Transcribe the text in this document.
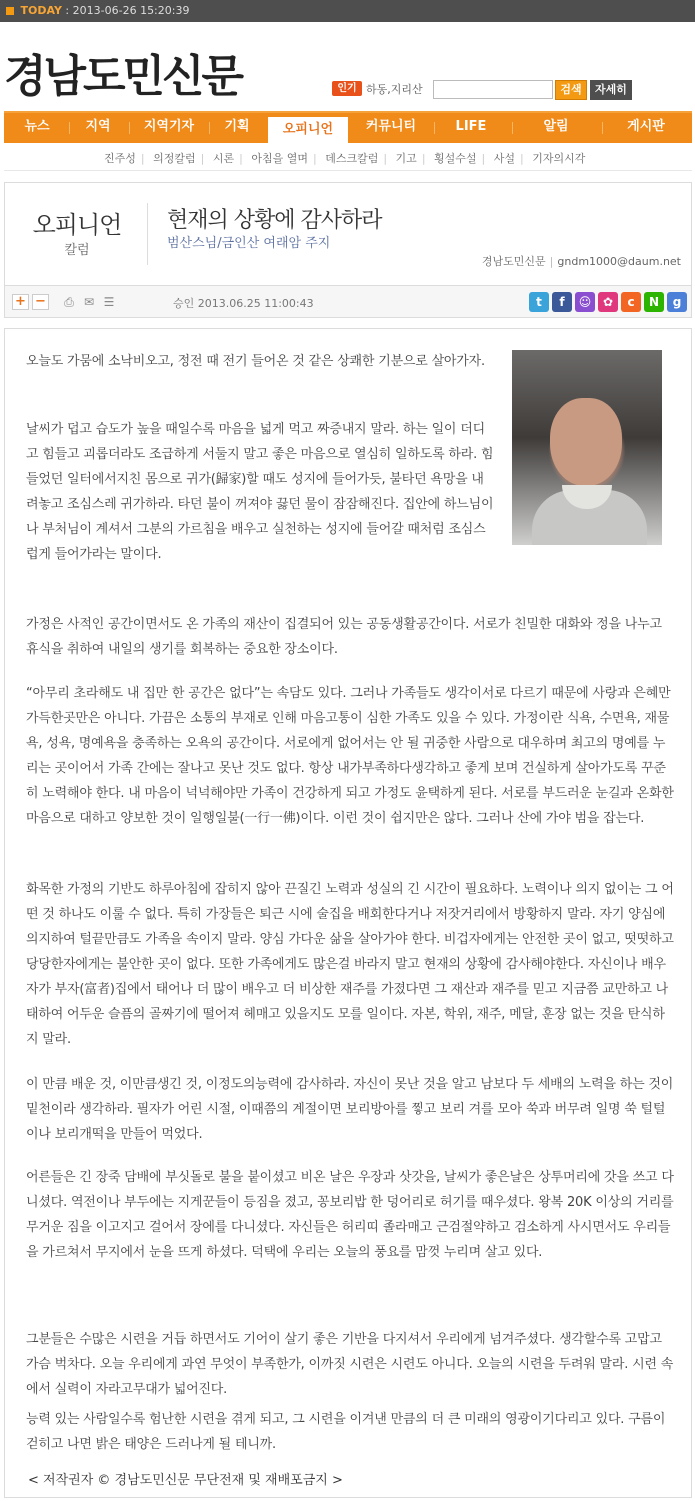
TODAY : 2013-06-26 15:20:39
경남도민신문	인기 하동,지리산	검색	자세히
뉴스	지역	지역기자	기획	오피니언	커뮤니티	LIFE	알림	게시판
진주성 | 의정칼럼 | 시론 | 아침을 열며 | 데스크칼럼 | 기고 | 횡설수설 | 사설 | 기자의시각
오피니언
칼럼
현재의 상황에 감사하라
범산스님/금인산 여래암 주지
경남도민신문 | gndm1000@daum.net
+ − ⎙ ✉ ☰	승인 2013.06.25 11:00:43	t	f	☺ ✿	c	N	g
오늘도 가뭄에 소낙비오고, 정전 때 전기 들어온 것 같은 상쾌한 기분으로 살아가자.
날씨가 덥고 습도가 높을 때일수록 마음을 넓게 먹고 짜증내지 말라. 하는 일이 더디고 힘들고 괴롭더라도 조급하게 서둘지 말고 좋은 마음으로 열심히 일하도록 하라. 힘들었던 일터에서지친 몸으로 귀가(歸家)할 때도 성지에 들어가듯, 불타던 욕망을 내려놓고 조심스레 귀가하라. 타던 불이 꺼져야 끓던 물이 잠잠해진다. 집안에 하느님이나 부처님이 계셔서 그분의 가르침을 배우고 실천하는 성지에 들어갈 때처럼 조심스럽게 들어가라는 말이다.
가정은 사적인 공간이면서도 온 가족의 재산이 집결되어 있는 공동생활공간이다. 서로가 친밀한 대화와 정을 나누고 휴식을 취하여 내일의 생기를 회복하는 중요한 장소이다.
“아무리 초라해도 내 집만 한 공간은 없다”는 속담도 있다. 그러나 가족들도 생각이서로 다르기 때문에 사랑과 은혜만 가득한곳만은 아니다. 가끔은 소통의 부재로 인해 마음고통이 심한 가족도 있을 수 있다. 가정이란 식욕, 수면욕, 재물 욕, 성욕, 명예욕을 충족하는 오욕의 공간이다. 서로에게 없어서는 안 될 귀중한 사람으로 대우하며 최고의 명예를 누리는 곳이어서 가족 간에는 잘나고 못난 것도 없다. 항상 내가부족하다생각하고 좋게 보며 건실하게 살아가도록 꾸준히 노력해야 한다. 내 마음이 넉넉해야만 가족이 건강하게 되고 가정도 윤택하게 된다. 서로를 부드러운 눈길과 온화한 마음으로 대하고 양보한 것이 일행일불(一行一佛)이다. 이런 것이 쉽지만은 않다. 그러나 산에 가야 범을 잡는다.
화목한 가정의 기반도 하루아침에 잡히지 않아 끈질긴 노력과 성실의 긴 시간이 필요하다. 노력이나 의지 없이는 그 어떤 것 하나도 이룰 수 없다. 특히 가장들은 퇴근 시에 술집을 배회한다거나 저잣거리에서 방황하지 말라. 자기 양심에 의지하여 털끝만큼도 가족을 속이지 말라. 양심 가다운 삶을 살아가야 한다. 비겁자에게는 안전한 곳이 없고, 떳떳하고 당당한자에게는 불안한 곳이 없다. 또한 가족에게도 많은걸 바라지 말고 현재의 상황에 감사해야한다. 자신이나 배우자가 부자(富者)집에서 태어나 더 많이 배우고 더 비상한 재주를 가졌다면 그 재산과 재주를 믿고 지금쯤 교만하고 나태하여 어두운 슬픔의 골짜기에 떨어져 헤매고 있을지도 모를 일이다. 자본, 학위, 재주, 메달, 훈장 없는 것을 탄식하지 말라.
이 만큼 배운 것, 이만큼생긴 것, 이정도의능력에 감사하라. 자신이 못난 것을 알고 남보다 두 세배의 노력을 하는 것이 밑천이라 생각하라. 필자가 어린 시절, 이때쯤의 계절이면 보리방아를 찧고 보리 겨를 모아 쑥과 버무려 일명 쑥 털털이나 보리개떡을 만들어 먹었다.
어른들은 긴 장죽 담배에 부싯돌로 불을 붙이셨고 비온 날은 우장과 삿갓을, 날씨가 좋은날은 상투머리에 갓을 쓰고 다니셨다. 역전이나 부두에는 지게꾼들이 등짐을 졌고, 꽁보리밥 한 덩어리로 허기를 때우셨다. 왕복 20K 이상의 거리를 무거운 짐을 이고지고 걸어서 장에를 다니셨다. 자신들은 허리띠 졸라매고 근검절약하고 검소하게 사시면서도 우리들을 가르쳐서 무지에서 눈을 뜨게 하셨다. 덕택에 우리는 오늘의 풍요를 맘껏 누리며 살고 있다.
그분들은 수많은 시련을 거듭 하면서도 기어이 살기 좋은 기반을 다지셔서 우리에게 넘겨주셨다. 생각할수록 고맙고 가슴 벅차다. 오늘 우리에게 과연 무엇이 부족한가, 이까짓 시련은 시련도 아니다. 오늘의 시련을 두려워 말라. 시련 속에서 실력이 자라고무대가 넓어진다.
능력 있는 사람일수록 험난한 시련을 겪게 되고, 그 시련을 이겨낸 만큼의 더 큰 미래의 영광이기다리고 있다. 구름이 걷히고 나면 밝은 태양은 드러나게 될 테니까.
< 저작권자 © 경남도민신문 무단전재 및 재배포금지 >
